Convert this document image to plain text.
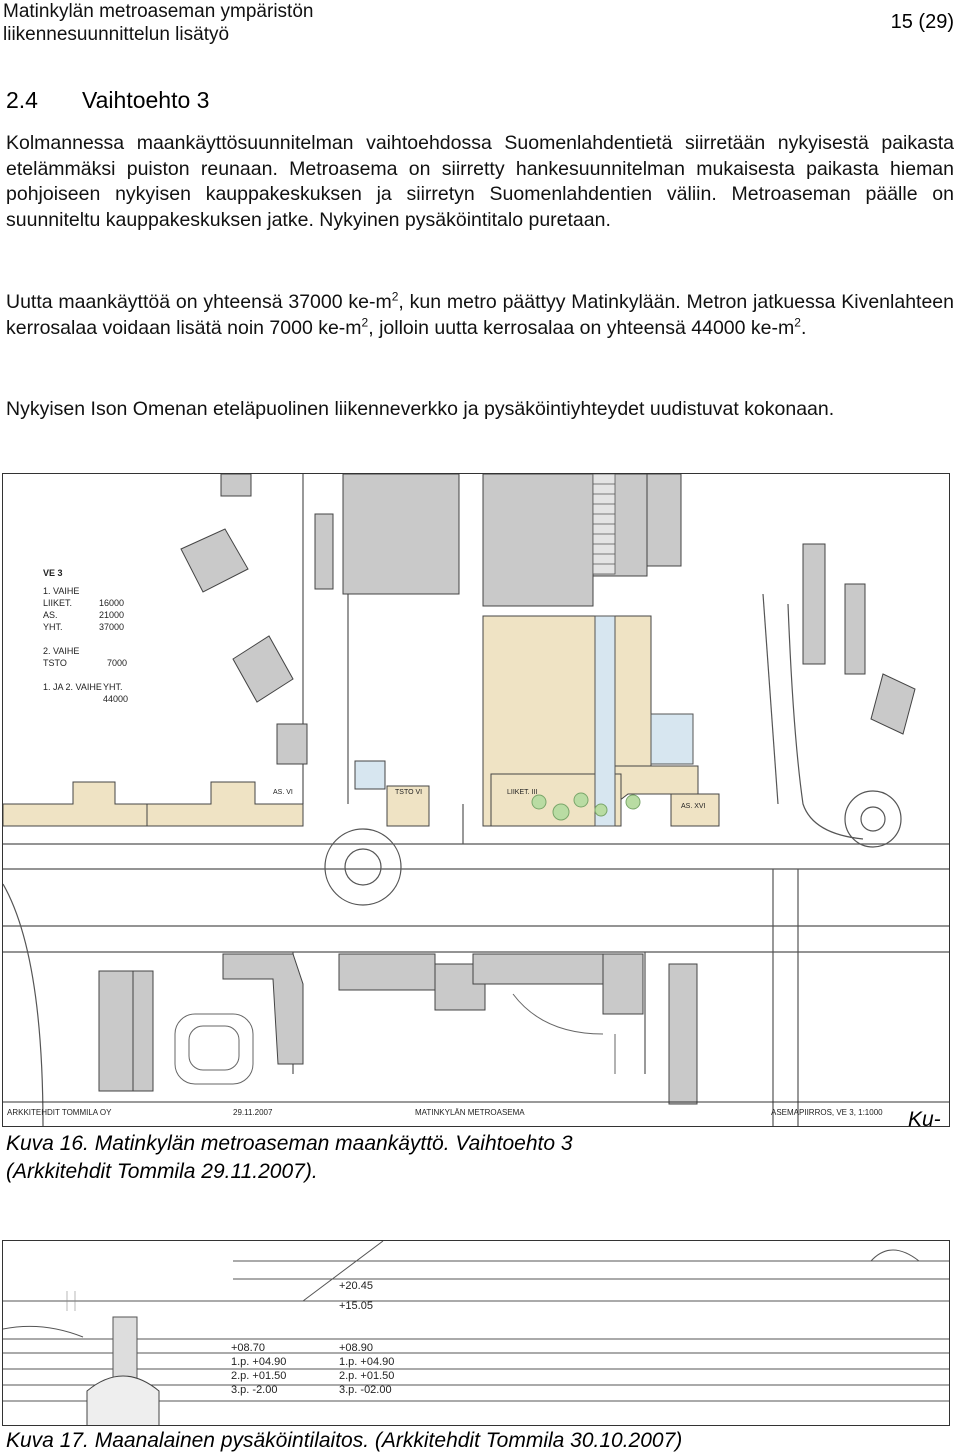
Matinkylän metroaseman ympäristön
liikennesuunnittelun lisätyö
15 (29)
2.4 Vaihtoehto 3
Kolmannessa maankäyttösuunnitelman vaihtoehdossa Suomenlahdentietä siirretään nykyisestä paikasta etelämmäksi puiston reunaan. Metroasema on siirretty hankesuunnitelman mukaisesta paikasta hieman pohjoiseen nykyisen kauppakeskuksen ja siirretyn Suomenlahdentien väliin. Metroaseman päälle on suunniteltu kauppakeskuksen jatke. Nykyinen pysäköintitalo puretaan.
Uutta maankäyttöä on yhteensä 37000 $ke-m^2$, kun metro päättyy Matinkylään. Metron jatkuessa Kivenlahteen kerrosalaa voidaan lisätä noin 7000 $ke-m^2$, jolloin uutta kerrosalaa on yhteensä 44000 $ke-m^2$.
Nykyisen Ison Omenan eteläpuolinen liikenneverkko ja pysäköintiyhteydet uudistuvat kokonaan.
AS. VI	TSTO VI	LIIKET. III
AS. XVI
VE 3
1. VAIHE
LIIKET.	16000
AS.	21000
YHT.	37000
2. VAIHE
TSTO	7000
1. JA 2. VAIHE YHT.
44000
ARKKITEHDIT TOMMILA OY	29.11.2007	MATINKYLÄN METROASEMA	ASEMAPIIRROS, VE 3, 1:1000 Ku-
Kuva 16. Matinkylän metroaseman maankäyttö. Vaihtoehto 3
(Arkkitehdit Tommila 29.11.2007).
+08.70
1.p. +04.90
2.p. +01.50
3.p. -2.00
+20.45
+15.05
+08.90
1.p. +04.90
2.p. +01.50
3.p. -02.00
Kuva 17. Maanalainen pysäköintilaitos. (Arkkitehdit Tommila 30.10.2007)
